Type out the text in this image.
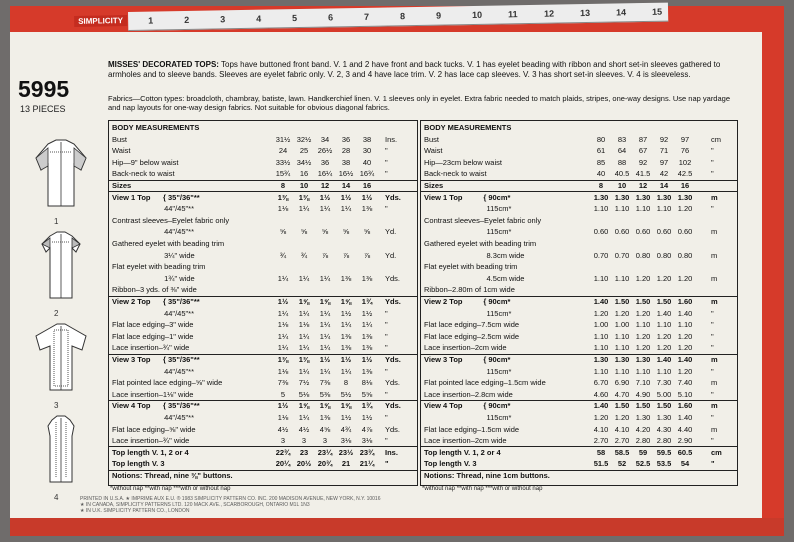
SIMPLICITY	1	2	3	4	5	6	7	8	9	10	11	12	13	14	15
5995
13 PIECES
1
2
3
4
MISSES' DECORATED TOPS: Tops have buttoned front band. V. 1 and 2 have front and back tucks. V. 1 has eyelet beading with ribbon and short set-in sleeves gathered to armholes and to sleeve bands. Sleeves are eyelet fabric only. V. 2, 3 and 4 have lace trim. V. 2 has lace cap sleeves. V. 3 has short set-in sleeves. V. 4 is sleeveless.
Fabrics—Cotton types: broadcloth, chambray, batiste, lawn. Handkerchief linen. V. 1 sleeves only in eyelet. Extra fabric needed to match plaids, stripes, one-way designs. Use nap yardage and nap layouts for one-way design fabrics. Not suitable for obvious diagonal fabrics.
BODY MEASUREMENTS
Bust	31½ 32½	34	36	38	Ins.
Waist	24	25	26½	28	30	"
Hip—9" below waist	33½ 34½	36	38	40	"
Back-neck to waist	15¾	16	16¼ 16½ 16¾	"
Sizes	8	10	12	14	16
View 1 Top      { 35"/36"**	1⅜	1⅜	1½	1½	1½	Yds.
44"/45"**	1⅛	1¼	1¼	1¼	1⅜	"
Contrast sleeves–Eyelet fabric only
44"/45"**	⅝	⅝	⅝	⅝	⅝	Yd.
Gathered eyelet with beading trim
3¼" wide	¾	¾	⅞	⅞	⅞	Yd.
Flat eyelet with beading trim
1¾" wide	1¼	1¼	1¼	1⅜	1⅜	Yds.
Ribbon–3 yds. of ⅜" wide
View 2 Top      { 35"/36"**	1½	1⅝	1⅝	1⅝	1¾	Yds.
44"/45"**	1¼	1¼	1¼	1½	1½	"
Flat lace edging–3" wide	1⅛	1⅛	1¼	1¼	1¼	"
Flat lace edging–1" wide	1¼	1¼	1¼	1⅜	1⅜	"
Lace insertion–¾" wide	1¼	1¼	1¼	1⅜	1⅜	"
View 3 Top      { 35"/36"**	1⅜	1⅜	1½	1½	1½	Yds.
44"/45"**	1⅛	1¼	1¼	1¼	1⅜	"
Flat pointed lace edging–⅝" wide	7⅜	7½	7⅜	8	8⅛	Yds.
Lace insertion–1⅛" wide	5	5⅛	5⅜	5½	5⅝	"
View 4 Top      { 35"/36"**	1½	1⅝	1⅝	1⅝	1¾	Yds.
44"/45"**	1⅛	1¼	1⅜	1½	1½	"
Flat lace edging–⅝" wide	4½	4½	4⅝	4¾	4⅞	Yds.
Lace insertion–¾" wide	3	3	3	3⅛	3⅛	"
Top length V. 1, 2 or 4	22¾	23	23¼ 23½ 23¾	Ins.
Top length V. 3	20¼ 20½ 20¾	21	21¼	"
Notions: Thread, nine ⅜" buttons.
BODY MEASUREMENTS
Bust	80	83	87	92	97	cm
Waist	61	64	67	71	76	"
Hip—23cm below waist	85	88	92	97	102	"
Back-neck to waist	40	40.5 41.5	42	42.5	"
Sizes	8	10	12	14	16
View 1 Top          { 90cm*	1.30 1.30 1.30 1.30 1.30	m
115cm*	1.10 1.10 1.10 1.10 1.20	"
Contrast sleeves–Eyelet fabric only
115cm*	0.60 0.60 0.60 0.60 0.60	m
Gathered eyelet with beading trim
8.3cm wide	0.70 0.70 0.80 0.80 0.80	m
Flat eyelet with beading trim
4.5cm wide	1.10 1.10 1.20 1.20 1.20	m
Ribbon–2.80m of 1cm wide
View 2 Top          { 90cm*	1.40 1.50 1.50 1.50 1.60	m
115cm*	1.20 1.20 1.20 1.40 1.40	"
Flat lace edging–7.5cm wide	1.00 1.00 1.10 1.10 1.10	"
Flat lace edging–2.5cm wide	1.10 1.10 1.20 1.20 1.20	"
Lace insertion–2cm wide	1.10 1.10 1.20 1.20 1.20	"
View 3 Top          { 90cm*	1.30 1.30 1.30 1.40 1.40	m
115cm*	1.10 1.10 1.10 1.10 1.20	"
Flat pointed lace edging–1.5cm wide	6.70 6.90 7.10 7.30 7.40	m
Lace insertion–2.8cm wide	4.60 4.70 4.90 5.00 5.10	"
View 4 Top          { 90cm*	1.40 1.50 1.50 1.50 1.60	m
115cm*	1.20 1.20 1.30 1.30 1.40	"
Flat lace edging–1.5cm wide	4.10 4.10 4.20 4.30 4.40	m
Lace insertion–2cm wide	2.70 2.70 2.80 2.80 2.90	"
Top length V. 1, 2 or 4	58	58.5	59	59.5 60.5	cm
Top length V. 3	51.5	52	52.5 53.5	54	"
Notions: Thread, nine 1cm buttons.
*without nap **with nap ***with or without nap	*without nap **with nap ***with or without nap
PRINTED IN U.S.A. ★ IMPRIME AUX E.U. ® 1983 SIMPLICITY PATTERN CO. INC. 200 MADISON AVENUE, NEW YORK, N.Y. 10016
★ IN CANADA, SIMPLICITY PATTERNS LTD. 120 MACK AVE., SCARBOROUGH, ONTARIO M1L 1N3
★ IN U.K. SIMPLICITY PATTERN CO., LONDON
